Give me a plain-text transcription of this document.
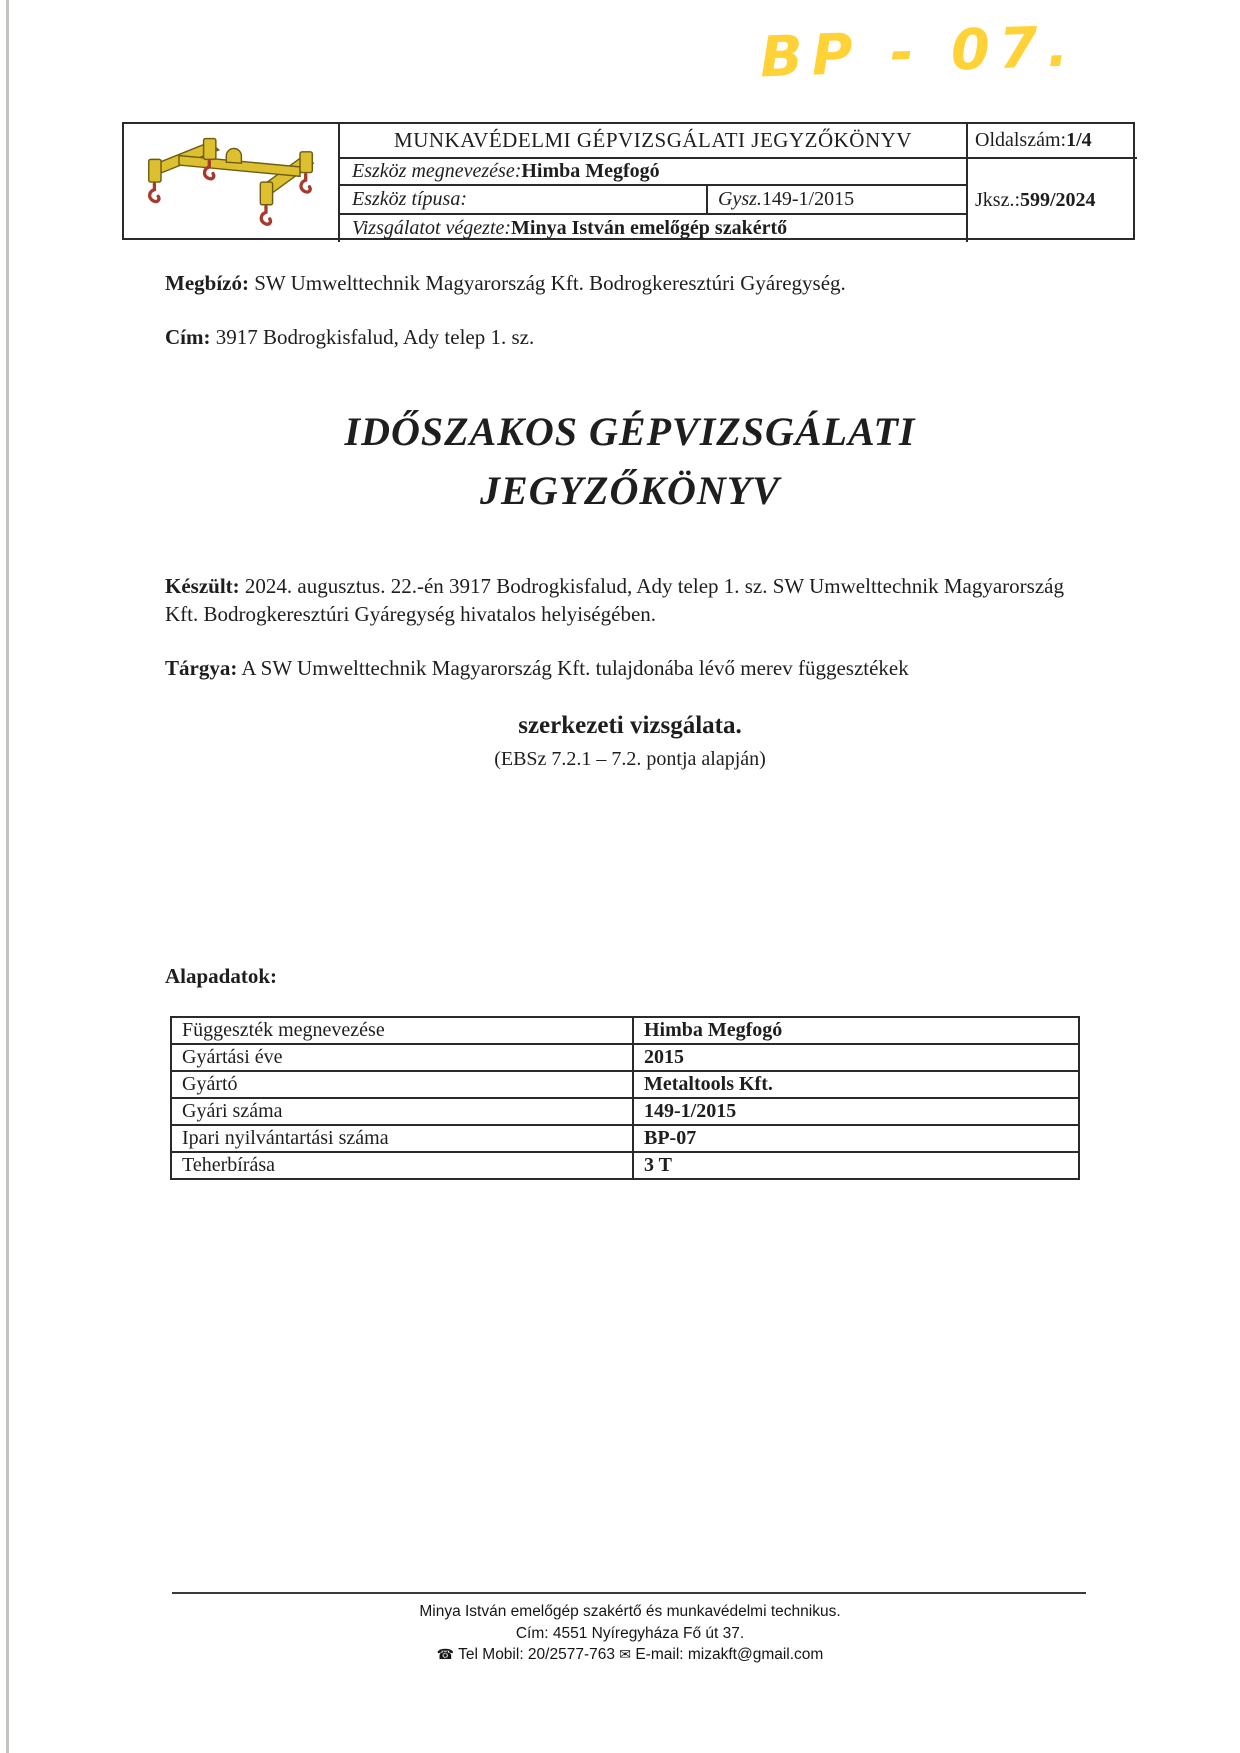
BP - 07.
MUNKAVÉDELMI GÉPVIZSGÁLATI JEGYZŐKÖNYV	Oldalszám: 1/4
Eszköz megnevezése: Himba Megfogó
Jksz.: 599/2024
Eszköz típusa:	Gysz. 149-1/2015
Vizsgálatot végezte: Minya István emelőgép szakértő
Megbízó: SW Umwelttechnik Magyarország Kft. Bodrogkeresztúri Gyáregység.
Cím: 3917 Bodrogkisfalud, Ady telep 1. sz.
IDŐSZAKOS GÉPVIZSGÁLATI
JEGYZŐKÖNYV
Készült: 2024. augusztus. 22.-én 3917 Bodrogkisfalud, Ady telep 1. sz. SW Umwelttechnik Magyarország Kft. Bodrogkeresztúri Gyáregység hivatalos helyiségében.
Tárgya: A SW Umwelttechnik Magyarország Kft. tulajdonába lévő merev függesztékek
szerkezeti vizsgálata.
(EBSz 7.2.1 – 7.2. pontja alapján)
Alapadatok:
Függeszték megnevezése	Himba Megfogó
Gyártási éve	2015
Gyártó	Metaltools Kft.
Gyári száma	149-1/2015
Ipari nyilvántartási száma	BP-07
Teherbírása	3 T
Minya István emelőgép szakértő és munkavédelmi technikus.
Cím: 4551 Nyíregyháza Fő út 37.
☎ Tel Mobil: 20/2577-763 ✉ E-mail: mizakft@gmail.com
